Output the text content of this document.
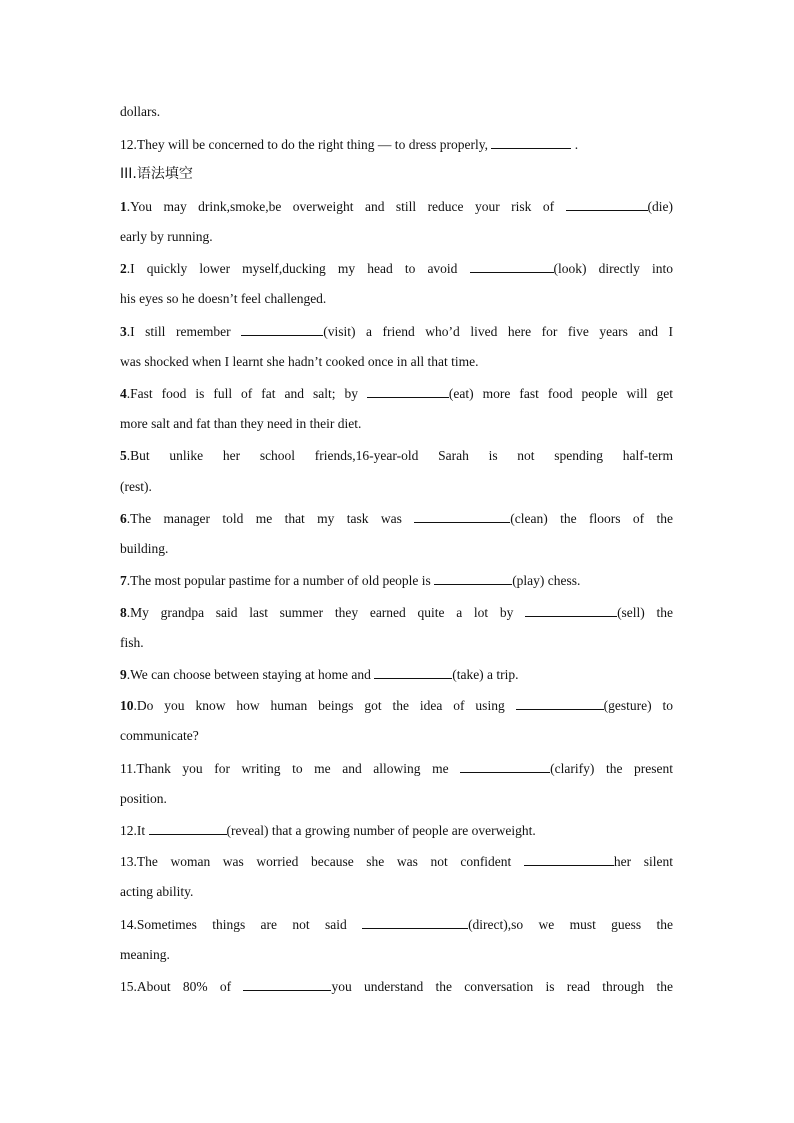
dollars.
12.They will be concerned to do the right thing — to dress properly,	.
III.语法填空
1.You may drink,smoke,be overweight and still reduce your risk of	(die)
early by running.
2.I quickly lower myself,ducking my head to avoid	(look) directly into
his eyes so he doesn’t feel challenged.
3.I still remember	(visit) a friend who’d lived here for five years and I
was shocked when I learnt she hadn’t cooked once in all that time.
4.Fast food is full of fat and salt; by	(eat) more fast food people will get
more salt and fat than they need in their diet.
5.But unlike her school friends,16-year-old Sarah is not spending half-term
(rest).
6.The manager told me that my task was	(clean) the floors of the
building.
7.The most popular pastime for a number of old people is	(play) chess.
8.My grandpa said last summer they earned quite a lot by	(sell) the
fish.
9.We can choose between staying at home and	(take) a trip.
10.Do you know how human beings got the idea of using	(gesture) to
communicate?
11.Thank you for writing to me and allowing me	(clarify) the present
position.
12.It	(reveal) that a growing number of people are overweight.
13.The woman was worried because she was not confident	her silent
acting ability.
14.Sometimes things are not said	(direct),so we must guess the
meaning.
15.About 80% of	you understand the conversation is read through the
